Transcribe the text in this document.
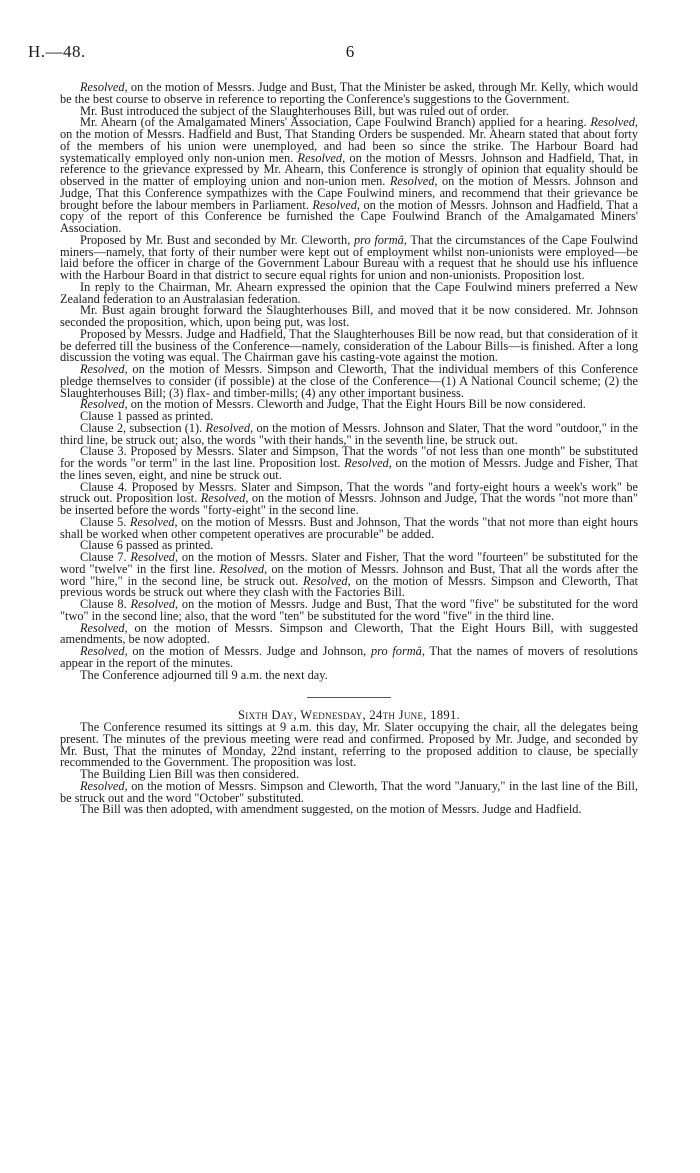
6
H.—48.

Resolved, on the motion of Messrs. Judge and Bust, That the Minister be asked, through Mr. Kelly, which would be the best course to observe in reference to reporting the Conference's suggestions to the Government.

Mr. Bust introduced the subject of the Slaughterhouses Bill, but was ruled out of order.

Mr. Ahearn (of the Amalgamated Miners' Association, Cape Foulwind Branch) applied for a hearing. Resolved, on the motion of Messrs. Hadfield and Bust, That Standing Orders be suspended. Mr. Ahearn stated that about forty of the members of his union were unemployed, and had been so since the strike. The Harbour Board had systematically employed only non-union men. Resolved, on the motion of Messrs. Johnson and Hadfield, That, in reference to the grievance expressed by Mr. Ahearn, this Conference is strongly of opinion that equality should be observed in the matter of employing union and non-union men. Resolved, on the motion of Messrs. Johnson and Judge, That this Conference sympathizes with the Cape Foulwind miners, and recommend that their grievance be brought before the labour members in Parliament. Resolved, on the motion of Messrs. Johnson and Hadfield, That a copy of the report of this Conference be furnished the Cape Foulwind Branch of the Amalgamated Miners' Association.

Proposed by Mr. Bust and seconded by Mr. Cleworth, pro formâ, That the circumstances of the Cape Foulwind miners—namely, that forty of their number were kept out of employment whilst non-unionists were employed—be laid before the officer in charge of the Government Labour Bureau with a request that he should use his influence with the Harbour Board in that district to secure equal rights for union and non-unionists. Proposition lost.

In reply to the Chairman, Mr. Ahearn expressed the opinion that the Cape Foulwind miners preferred a New Zealand federation to an Australasian federation.

Mr. Bust again brought forward the Slaughterhouses Bill, and moved that it be now considered. Mr. Johnson seconded the proposition, which, upon being put, was lost.

Proposed by Messrs. Judge and Hadfield, That the Slaughterhouses Bill be now read, but that consideration of it be deferred till the business of the Conference—namely, consideration of the Labour Bills—is finished. After a long discussion the voting was equal. The Chairman gave his casting-vote against the motion.

Resolved, on the motion of Messrs. Simpson and Cleworth, That the individual members of this Conference pledge themselves to consider (if possible) at the close of the Conference—(1) A National Council scheme; (2) the Slaughterhouses Bill; (3) flax- and timber-mills; (4) any other important business.

Resolved, on the motion of Messrs. Cleworth and Judge, That the Eight Hours Bill be now considered.

Clause 1 passed as printed.

Clause 2, subsection (1). Resolved, on the motion of Messrs. Johnson and Slater, That the word "outdoor," in the third line, be struck out; also, the words "with their hands," in the seventh line, be struck out.

Clause 3. Proposed by Messrs. Slater and Simpson, That the words "of not less than one month" be substituted for the words "or term" in the last line. Proposition lost. Resolved, on the motion of Messrs. Judge and Fisher, That the lines seven, eight, and nine be struck out.

Clause 4. Proposed by Messrs. Slater and Simpson, That the words "and forty-eight hours a week's work" be struck out. Proposition lost. Resolved, on the motion of Messrs. Johnson and Judge, That the words "not more than" be inserted before the words "forty-eight" in the second line.

Clause 5. Resolved, on the motion of Messrs. Bust and Johnson, That the words "that not more than eight hours shall be worked when other competent operatives are procurable" be added.

Clause 6 passed as printed.

Clause 7. Resolved, on the motion of Messrs. Slater and Fisher, That the word "fourteen" be substituted for the word "twelve" in the first line. Resolved, on the motion of Messrs. Johnson and Bust, That all the words after the word "hire," in the second line, be struck out. Resolved, on the motion of Messrs. Simpson and Cleworth, That previous words be struck out where they clash with the Factories Bill.

Clause 8. Resolved, on the motion of Messrs. Judge and Bust, That the word "five" be substituted for the word "two" in the second line; also, that the word "ten" be substituted for the word "five" in the third line.

Resolved, on the motion of Messrs. Simpson and Cleworth, That the Eight Hours Bill, with suggested amendments, be now adopted.

Resolved, on the motion of Messrs. Judge and Johnson, pro formâ, That the names of movers of resolutions appear in the report of the minutes.

The Conference adjourned till 9 a.m. the next day.

Sixth Day, Wednesday, 24th June, 1891.

The Conference resumed its sittings at 9 a.m. this day, Mr. Slater occupying the chair, all the delegates being present. The minutes of the previous meeting were read and confirmed. Proposed by Mr. Judge, and seconded by Mr. Bust, That the minutes of Monday, 22nd instant, referring to the proposed addition to clause, be specially recommended to the Government. The proposition was lost.

The Building Lien Bill was then considered.

Resolved, on the motion of Messrs. Simpson and Cleworth, That the word "January," in the last line of the Bill, be struck out and the word "October" substituted.

The Bill was then adopted, with amendment suggested, on the motion of Messrs. Judge and Hadfield.
